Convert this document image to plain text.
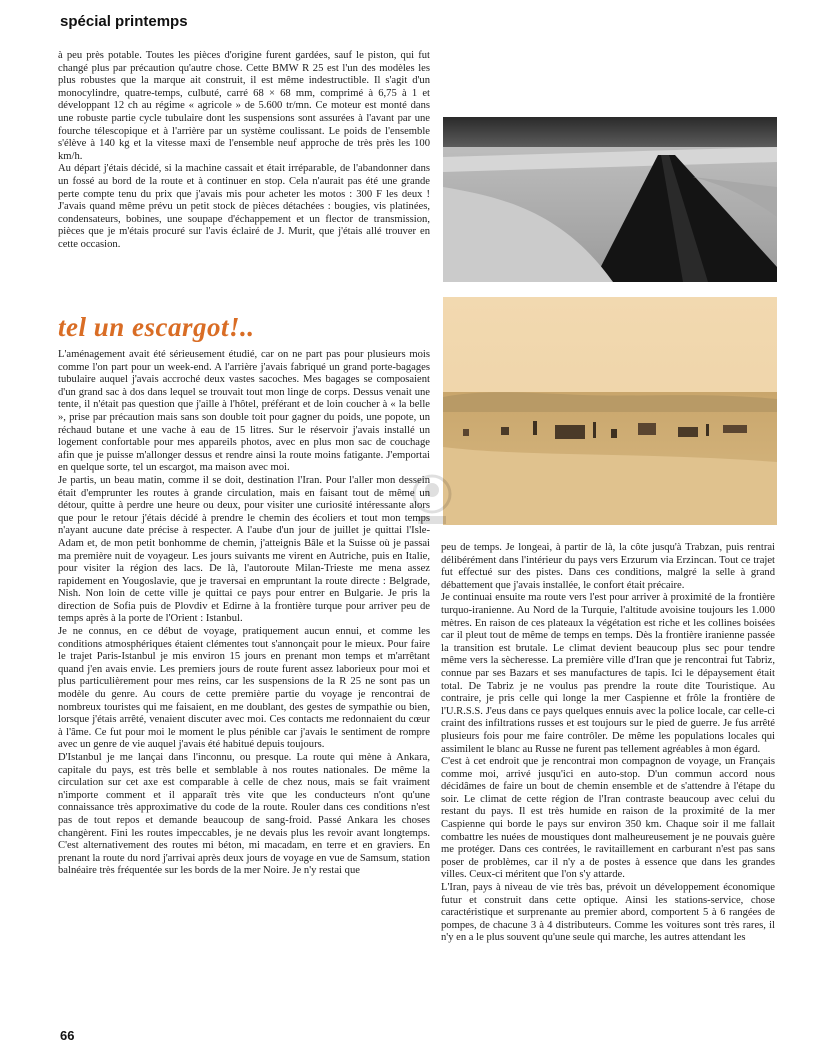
spécial printemps

à peu près potable. Toutes les pièces d'origine furent gardées, sauf le piston, qui fut changé plus par précaution qu'autre chose. Cette BMW R 25 est l'un des modèles les plus robustes que la marque ait construit, il est même indestructible. Il s'agit d'un monocylindre, quatre-temps, culbuté, carré 68 × 68 mm, comprimé à 6,75 à 1 et développant 12 ch au régime « agricole » de 5.600 tr/mn. Ce moteur est monté dans une robuste partie cycle tubulaire dont les suspensions sont assurées à l'avant par une fourche télescopique et à l'arrière par un système coulissant. Le poids de l'ensemble s'élève à 140 kg et la vitesse maxi de l'ensemble neuf approche de très près les 100 km/h.

Au départ j'étais décidé, si la machine cassait et était irréparable, de l'abandonner dans un fossé au bord de la route et à continuer en stop. Cela n'aurait pas été une grande perte compte tenu du prix que j'avais mis pour acheter les motos : 300 F les deux ! J'avais quand même prévu un petit stock de pièces détachées : bougies, vis platinées, condensateurs, bobines, une soupape d'échappement et un flector de transmission, pièces que je m'étais procuré sur l'avis éclairé de J. Murit, que j'étais allé trouver en cette occasion.

tel un escargot!..

L'aménagement avait été sérieusement étudié, car on ne part pas pour plusieurs mois comme l'on part pour un week-end. A l'arrière j'avais fabriqué un grand porte-bagages tubulaire auquel j'avais accroché deux vastes sacoches. Mes bagages se composaient d'un grand sac à dos dans lequel se trouvait tout mon linge de corps. Dessus venait une tente, il n'était pas question que j'aille à l'hôtel, préférant et de loin coucher à « la belle », prise par précaution mais sans son double toit pour gagner du poids, une popote, un réchaud butane et une vache à eau de 15 litres. Sur le réservoir j'avais installé un logement confortable pour mes appareils photos, avec en plus mon sac de couchage afin que je puisse m'allonger dessus et rendre ainsi la route moins fatigante. J'emportai en quelque sorte, tel un escargot, ma maison avec moi.

Je partis, un beau matin, comme il se doit, destination l'Iran. Pour l'aller mon dessein était d'emprunter les routes à grande circulation, mais en faisant tout de même un détour, quitte à perdre une heure ou deux, pour visiter une curiosité intéressante alors que pour le retour j'étais décidé à prendre le chemin des écoliers et tout mon temps n'ayant aucune date précise à respecter. A l'aube d'un jour de juillet je quittai l'Isle-Adam et, de mon petit bonhomme de chemin, j'atteignis Bâle et la Suisse où je passai ma première nuit de voyageur. Les jours suivants me virent en Autriche, puis en Italie, pour visiter la région des lacs. De là, l'autoroute Milan-Trieste me mena assez rapidement en Yougoslavie, que je traversai en empruntant la route directe : Belgrade, Nish. Non loin de cette ville je quittai ce pays pour entrer en Bulgarie. Je pris la direction de Sofia puis de Plovdiv et Edirne à la frontière turque pour arriver peu de temps après à la porte de l'Orient : Istanbul.

Je ne connus, en ce début de voyage, pratiquement aucun ennui, et comme les conditions atmosphériques étaient clémentes tout s'annonçait pour le mieux. Pour faire le trajet Paris-Istanbul je mis environ 15 jours en prenant mon temps et m'arrêtant quand j'en avais envie. Les premiers jours de route furent assez laborieux pour moi et plus particulièrement pour mes reins, car les suspensions de la R 25 ne sont pas un modèle du genre. Au cours de cette première partie du voyage je rencontrai de nombreux touristes qui me faisaient, en me doublant, des gestes de sympathie ou bien, lorsque j'étais arrêté, venaient discuter avec moi. Ces contacts me redonnaient du cœur à l'âme. Ce fut pour moi le moment le plus pénible car j'avais le sentiment de rompre avec un genre de vie auquel j'avais été habitué depuis toujours.

D'Istanbul je me lançai dans l'inconnu, ou presque. La route qui mène à Ankara, capitale du pays, est très belle et semblable à nos routes nationales. De même la circulation sur cet axe est comparable à celle de chez nous, mais se fait vraiment n'importe comment et il apparaît très vite que les conducteurs n'ont qu'une connaissance très approximative du code de la route. Rouler dans ces conditions n'est pas de tout repos et demande beaucoup de sang-froid. Passé Ankara les choses changèrent. Fini les routes impeccables, je ne devais plus les revoir avant longtemps. C'est alternativement des routes mi béton, mi macadam, en terre et en graviers. En prenant la route du nord j'arrivai après deux jours de voyage en vue de Samsum, station balnéaire très fréquentée sur les bords de la mer Noire. Je n'y restai que

peu de temps. Je longeai, à partir de là, la côte jusqu'à Trabzan, puis rentrai délibérément dans l'intérieur du pays vers Erzurum via Erzincan. Tout ce trajet fut effectué sur des pistes. Dans ces conditions, malgré la selle à grand débattement que j'avais installée, le confort était précaire.

Je continuai ensuite ma route vers l'est pour arriver à proximité de la frontière turquo-iranienne. Au Nord de la Turquie, l'altitude avoisine toujours les 1.000 mètres. En raison de ces plateaux la végétation est riche et les collines boisées car il pleut tout de même de temps en temps. Dès la frontière iranienne passée la transition est brutale. Le climat devient beaucoup plus sec pour tendre même vers la sècheresse. La première ville d'Iran que je rencontrai fut Tabriz, connue par ses Bazars et ses manufactures de tapis. Ici le dépaysement était total. De Tabriz je ne voulus pas prendre la route dite Touristique. Au contraire, je pris celle qui longe la mer Caspienne et frôle la frontière de l'U.R.S.S. J'eus dans ce pays quelques ennuis avec la police locale, car celle-ci craint des infiltrations russes et est toujours sur le pied de guerre. Je fus arrêté plusieurs fois pour me faire contrôler. De même les populations locales qui assimilent le blanc au Russe ne furent pas tellement agréables à mon égard.

C'est à cet endroit que je rencontrai mon compagnon de voyage, un Français comme moi, arrivé jusqu'ici en auto-stop. D'un commun accord nous décidâmes de faire un bout de chemin ensemble et de s'attendre à l'étape du soir. Le climat de cette région de l'Iran contraste beaucoup avec celui du restant du pays. Il est très humide en raison de la proximité de la mer Caspienne qui borde le pays sur environ 350 km. Chaque soir il me fallait combattre les nuées de moustiques dont malheureusement je ne pouvais guère me protéger. Dans ces contrées, le ravitaillement en carburant n'est pas sans poser de problèmes, car il n'y a de postes à essence que dans les grandes villes. Ceux-ci méritent que l'on s'y attarde.

L'Iran, pays à niveau de vie très bas, prévoit un développement économique futur et construit dans cette optique. Ainsi les stations-service, chose caractéristique et surprenante au premier abord, comportent 5 à 6 rangées de pompes, de chacune 3 à 4 distributeurs. Comme les voitures sont très rares, il n'y en a le plus souvent qu'une seule qui marche, les autres attendant les

66
